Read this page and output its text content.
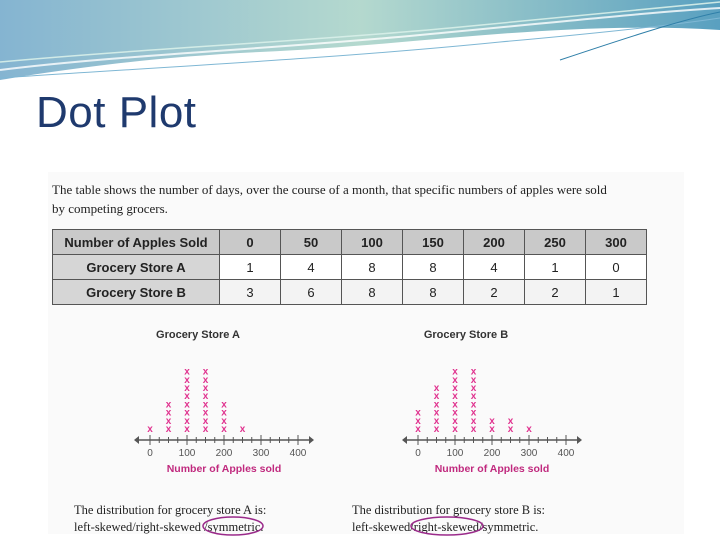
Dot Plot
The table shows the number of days, over the course of a month, that specific numbers of apples were sold by competing grocers.
Number of Apples Sold	0	50	100	150	200	250	300
Grocery Store A	1	4	8	8	4	1	0
Grocery Store B	3	6	8	8	2	2	1
Grocery Store A
0	100 200 300 400
Number of Apples sold
x x
x
x
x
x
x
x
x
x
x
x
x
x
x
x
x
x
x
x
x
x
x
x
x
x
Grocery Store B
0	100 200 300 400
Number of Apples sold
x
x
x
x
x
x
x
x
x
x
x
x
x
x
x
x
x
x
x
x
x
x
x
x
x
x
x
x
x
x
The distribution for grocery store A is:
left-skewed/right-skewed /symmetric.
The distribution for grocery store B is:
left-skewed/right-skewed/symmetric.
